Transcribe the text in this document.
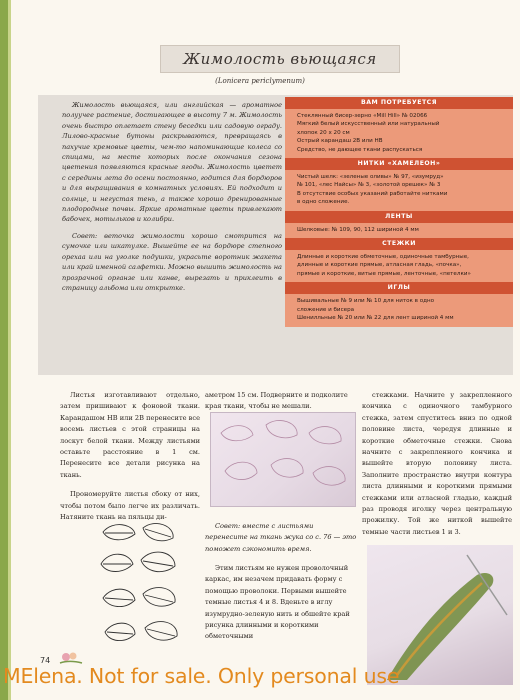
Жимолость вьющаяся
(Lonicera periclymenum)

Жимолость вьющаяся, или английская — ароматное полуучее растение, достигающее в высоту 7 м. Жимолость очень быстро оплетает стену беседки или садовую ограду. Лилово-красные бутоны раскрываются, превращаясь в пахучие кремовые цветы, чем-то напоминающие колеса со спицами, на месте которых после окончания сезона цветения появляются красные ягоды. Жимолость цветет с середины лета до осени постоянно, годится для бордюров и для выращивания в комнатных условиях. Ей подходит и солнце, и негустая тень, а также хорошо дренированные плодородные почвы. Яркие ароматные цветы привлекают бабочек, мотыльков и колибри.

Совет: веточка жимолости хорошо смотрится на сумочке или шкатулке. Вышейте ее на бордюре степного орехаа или на уголке подушки, украсьте воротник жакета или край именной салфетки. Можно вышить жимолость на прозрачной органзе или канве, вырезать и приклеить в страницу альбома или открытке.

ВАМ ПОТРЕБУЕТСЯ
Стеклянный бисер-зерно «Mill Hill» № 02066
Мягкий белый искусственный или натуральный
хлопок 20 х 20 см
Острый карандаш 2В или НВ
Средство, не дающее ткани распускаться
НИТКИ «ХАМЕЛЕОН»
Чистый шелк: «зеленые оливы» № 97, «изумруд»
№ 101, «лес Найсы» № 3, «золотой орешек» № 3
В отсутствие особых указаний работайте нитками
в одно сложение.
ЛЕНТЫ
Шелковые: № 109, 90, 112 шириной 4 мм
СТЕЖКИ
Длинные и короткие обметочные, одиночные тамбурные,
длинные и короткие прямые, атласная гладь, «почка»,
прямые и короткие, витые прямые, ленточные, «петелки»
ИГЛЫ
Вышивальные № 9 или № 10 для ниток в одно
сложение и бисера
Шенилльные № 20 или № 22 для лент шириной 4 мм

Листья изготавливают отдельно, затем пришивают к фоновой ткани. Карандашом НВ или 2В перенесите все восемь листьев с этой страницы на лоскут белой ткани. Между листьями оставьте расстояние в 1 см. Перенесите все детали рисунка на ткань.

Прономеруйте листья сбоку от них, чтобы потом было легче их различать. Натяните ткань на пяльцы ди-

аметром 15 см. Подверните и подколите края ткани, чтобы не мешали.
Совет: вместе с листьями перенесите на ткань жука со с. 76 — это поможет сэкономить время.
Этим листьям не нужен проволочный каркас, им незачем придавать форму с помощью проволоки. Первыми вышейте темные листья 4 и 8. Вденьте в иглу изумрудно-зеленую нить и обшейте край рисунка длинными и короткими обметочными

стежками. Начните у закрепленного кончика с одиночного тамбурного стежка, затем спуститесь вниз по одной половине листа, чередуя длинные и короткие обметочные стежки. Снова начните с закрепленного кончика и вышейте вторую половину листа. Заполните пространство внутри контура листа длинными и короткими прямыми стежками или атласной гладью, каждый раз проводя иголку через центральную прожилку. Той же ниткой вышейте темные части листьев 1 и 3.

74
MElena. Not for sale. Only personal use
